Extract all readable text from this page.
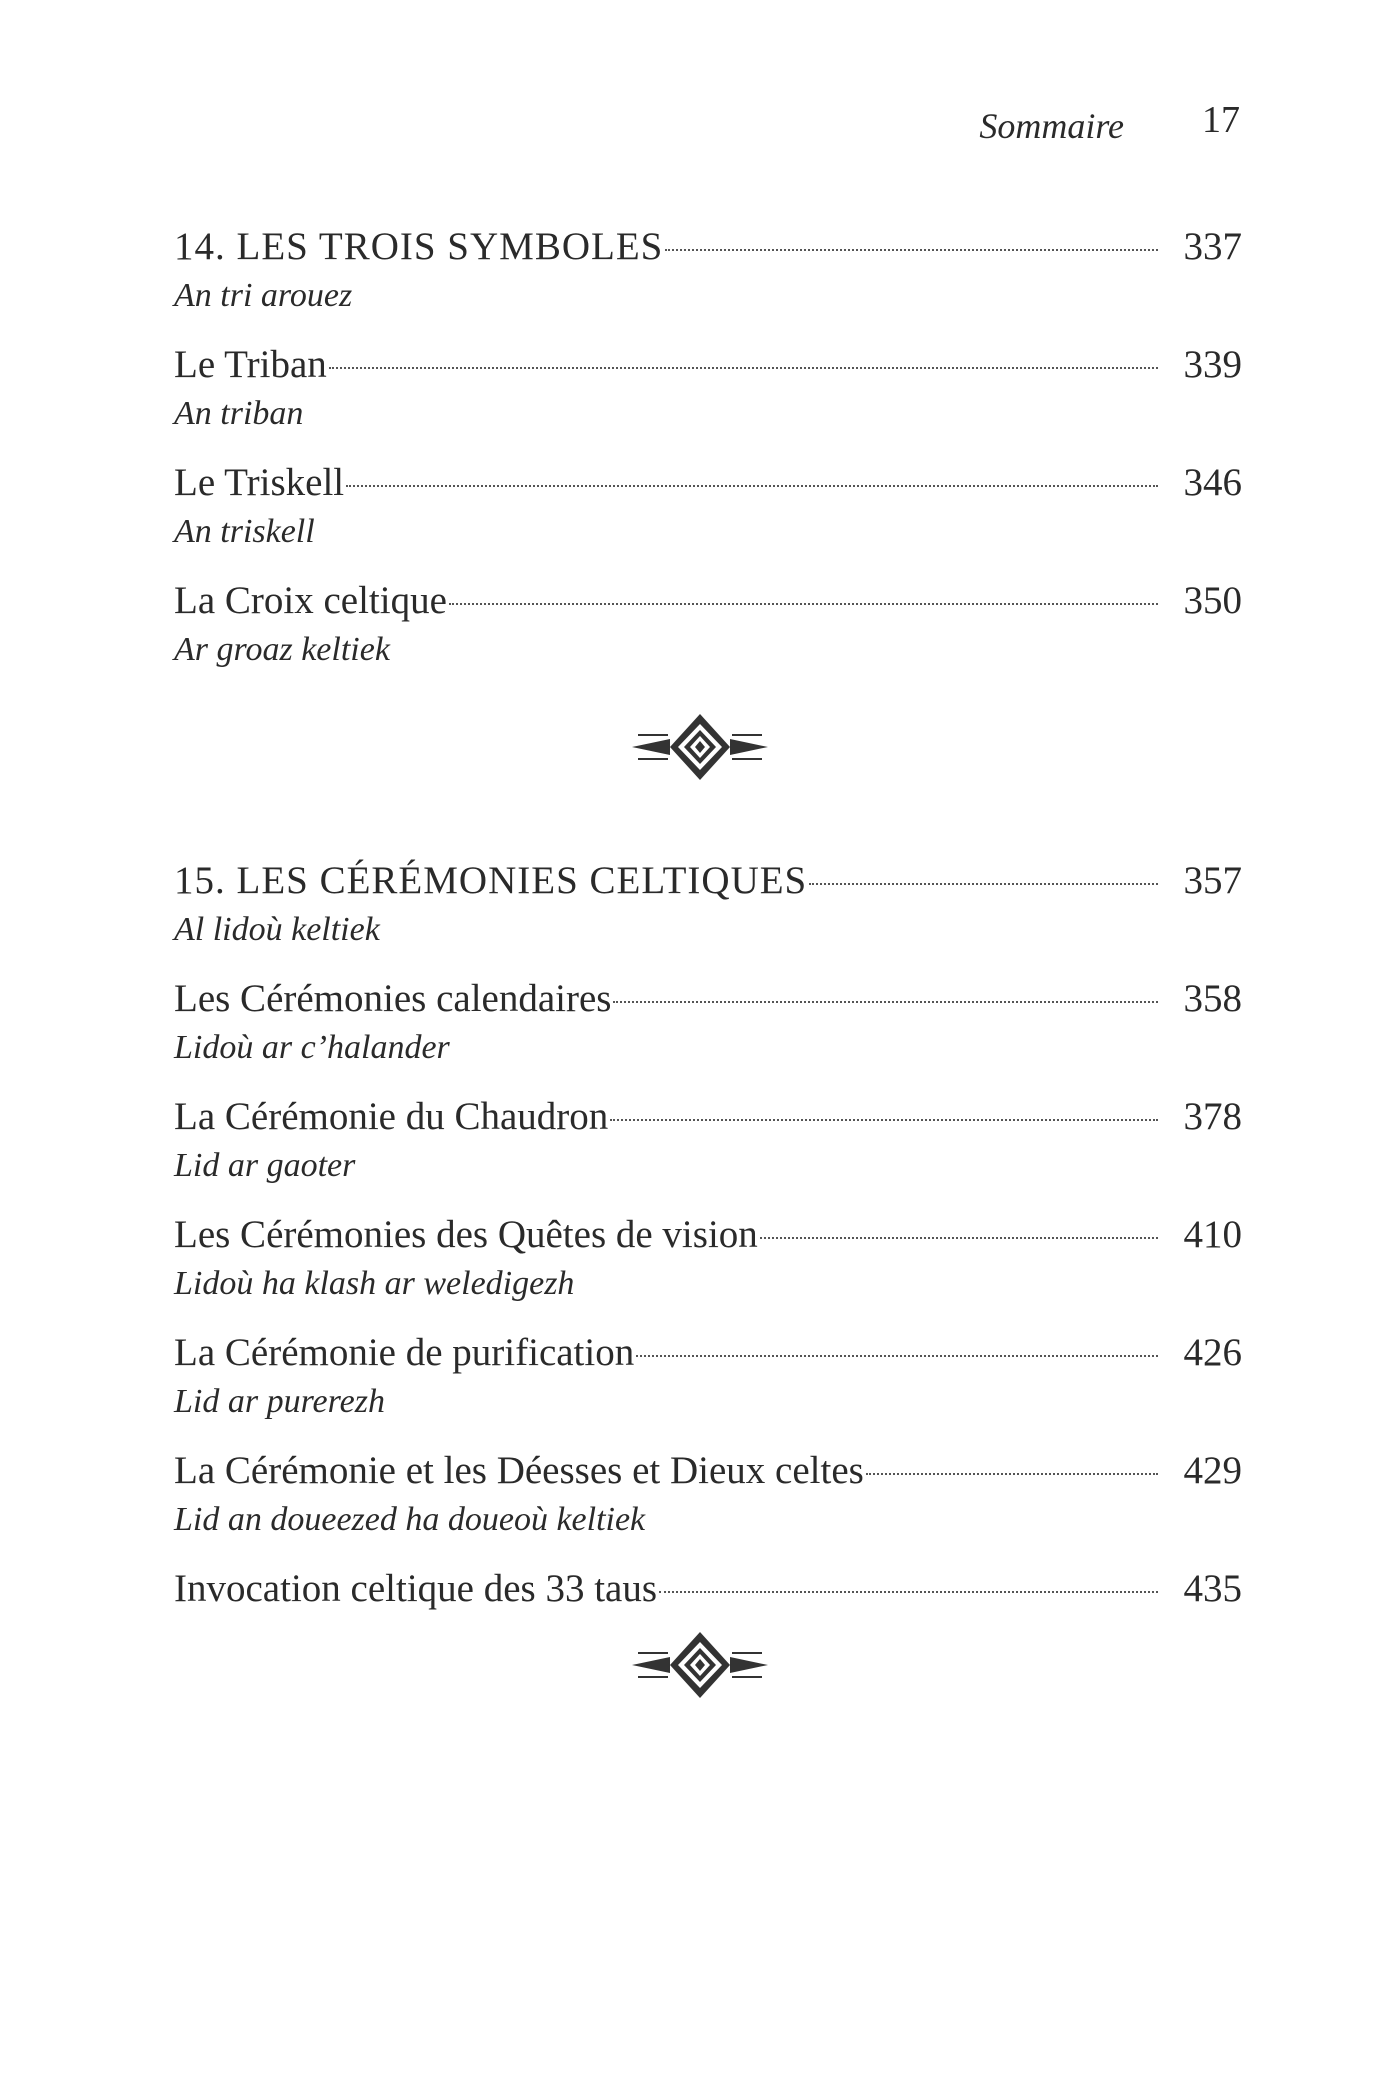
Sommaire 17
14. LES TROIS SYMBOLES	337
An tri arouez
Le Triban	339
An triban
Le Triskell	346
An triskell
La Croix celtique	350
Ar groaz keltiek
15. LES CÉRÉMONIES CELTIQUES	357
Al lidoù keltiek
Les Cérémonies calendaires	358
Lidoù ar c’halander
La Cérémonie du Chaudron	378
Lid ar gaoter
Les Cérémonies des Quêtes de vision	410
Lidoù ha klash ar weledigezh
La Cérémonie de purification	426
Lid ar purerezh
La Cérémonie et les Déesses et Dieux celtes	429
Lid an doueezed ha doueoù keltiek
Invocation celtique des 33 taus	435
